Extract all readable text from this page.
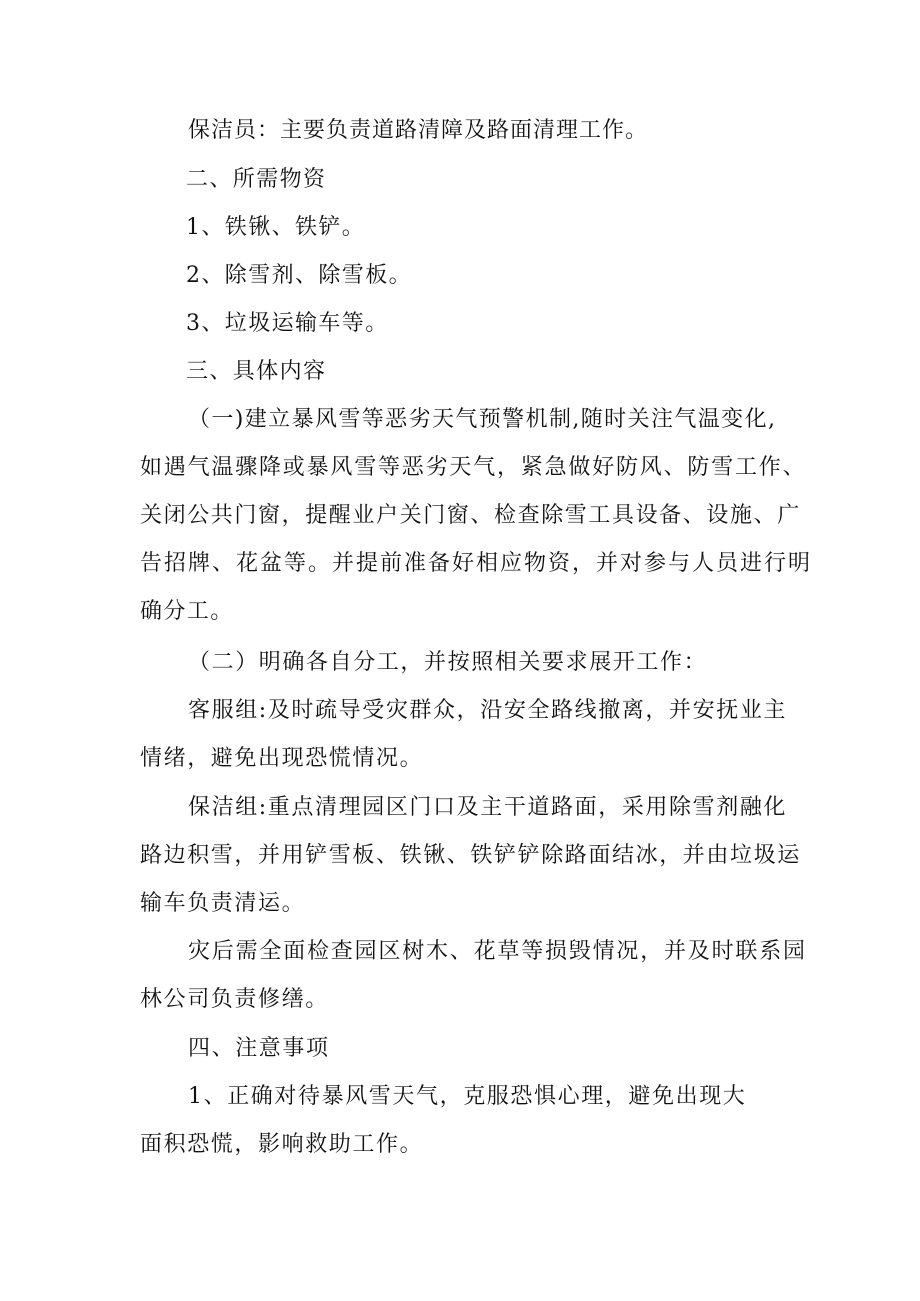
保洁员：主要负责道路清障及路面清理工作。
二、所需物资
1、铁锹、铁铲。
2、除雪剂、除雪板。
3、垃圾运输车等。
三、具体内容
（一)建立暴风雪等恶劣天气预警机制,随时关注气温变化,
如遇气温骤降或暴风雪等恶劣天气，紧急做好防风、防雪工作、
关闭公共门窗，提醒业户关门窗、检查除雪工具设备、设施、广
告招牌、花盆等。并提前准备好相应物资，并对参与人员进行明
确分工。
（二）明确各自分工，并按照相关要求展开工作：
客服组:及时疏导受灾群众，沿安全路线撤离，并安抚业主
情绪，避免出现恐慌情况。
保洁组:重点清理园区门口及主干道路面，采用除雪剂融化
路边积雪，并用铲雪板、铁锹、铁铲铲除路面结冰，并由垃圾运
输车负责清运。
灾后需全面检查园区树木、花草等损毁情况，并及时联系园
林公司负责修缮。
四、注意事项
1、正确对待暴风雪天气，克服恐惧心理，避免出现大
面积恐慌，影响救助工作。
